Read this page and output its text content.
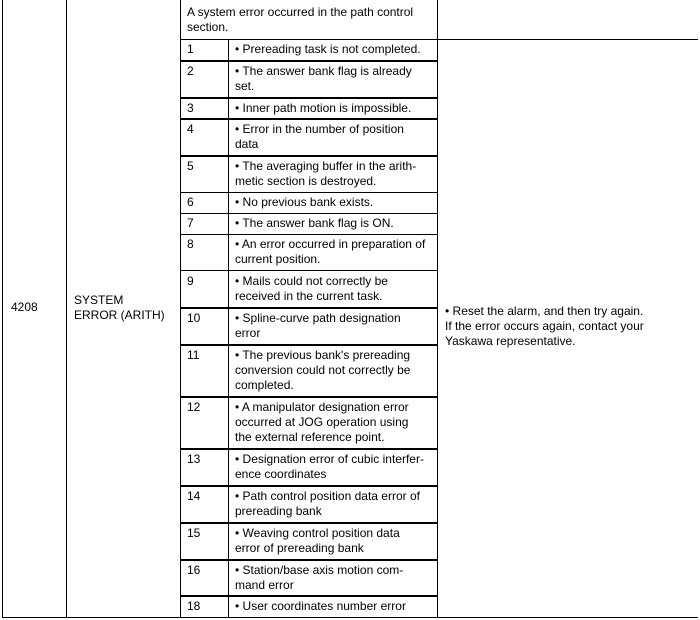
4208	SYSTEM
ERROR (ARITH)
A system error occurred in the path control
section.
• Reset the alarm, and then try again.
If the error occurs again, contact your
Yaskawa representative.
1	• Prereading task is not completed.
2	• The answer bank flag is already
set.
3	• Inner path motion is impossible.
4	• Error in the number of position
data
5	• The averaging buffer in the arith-
metic section is destroyed.
6	• No previous bank exists.
7	• The answer bank flag is ON.
8	• An error occurred in preparation of
current position.
9	• Mails could not correctly be
received in the current task.
10	• Spline-curve path designation
error
11	• The previous bank's prereading
conversion could not correctly be
completed.
12	• A manipulator designation error
occurred at JOG operation using
the external reference point.
13	• Designation error of cubic interfer-
ence coordinates
14	• Path control position data error of
prereading bank
15	• Weaving control position data
error of prereading bank
16	• Station/base axis motion com-
mand error
18	• User coordinates number error
